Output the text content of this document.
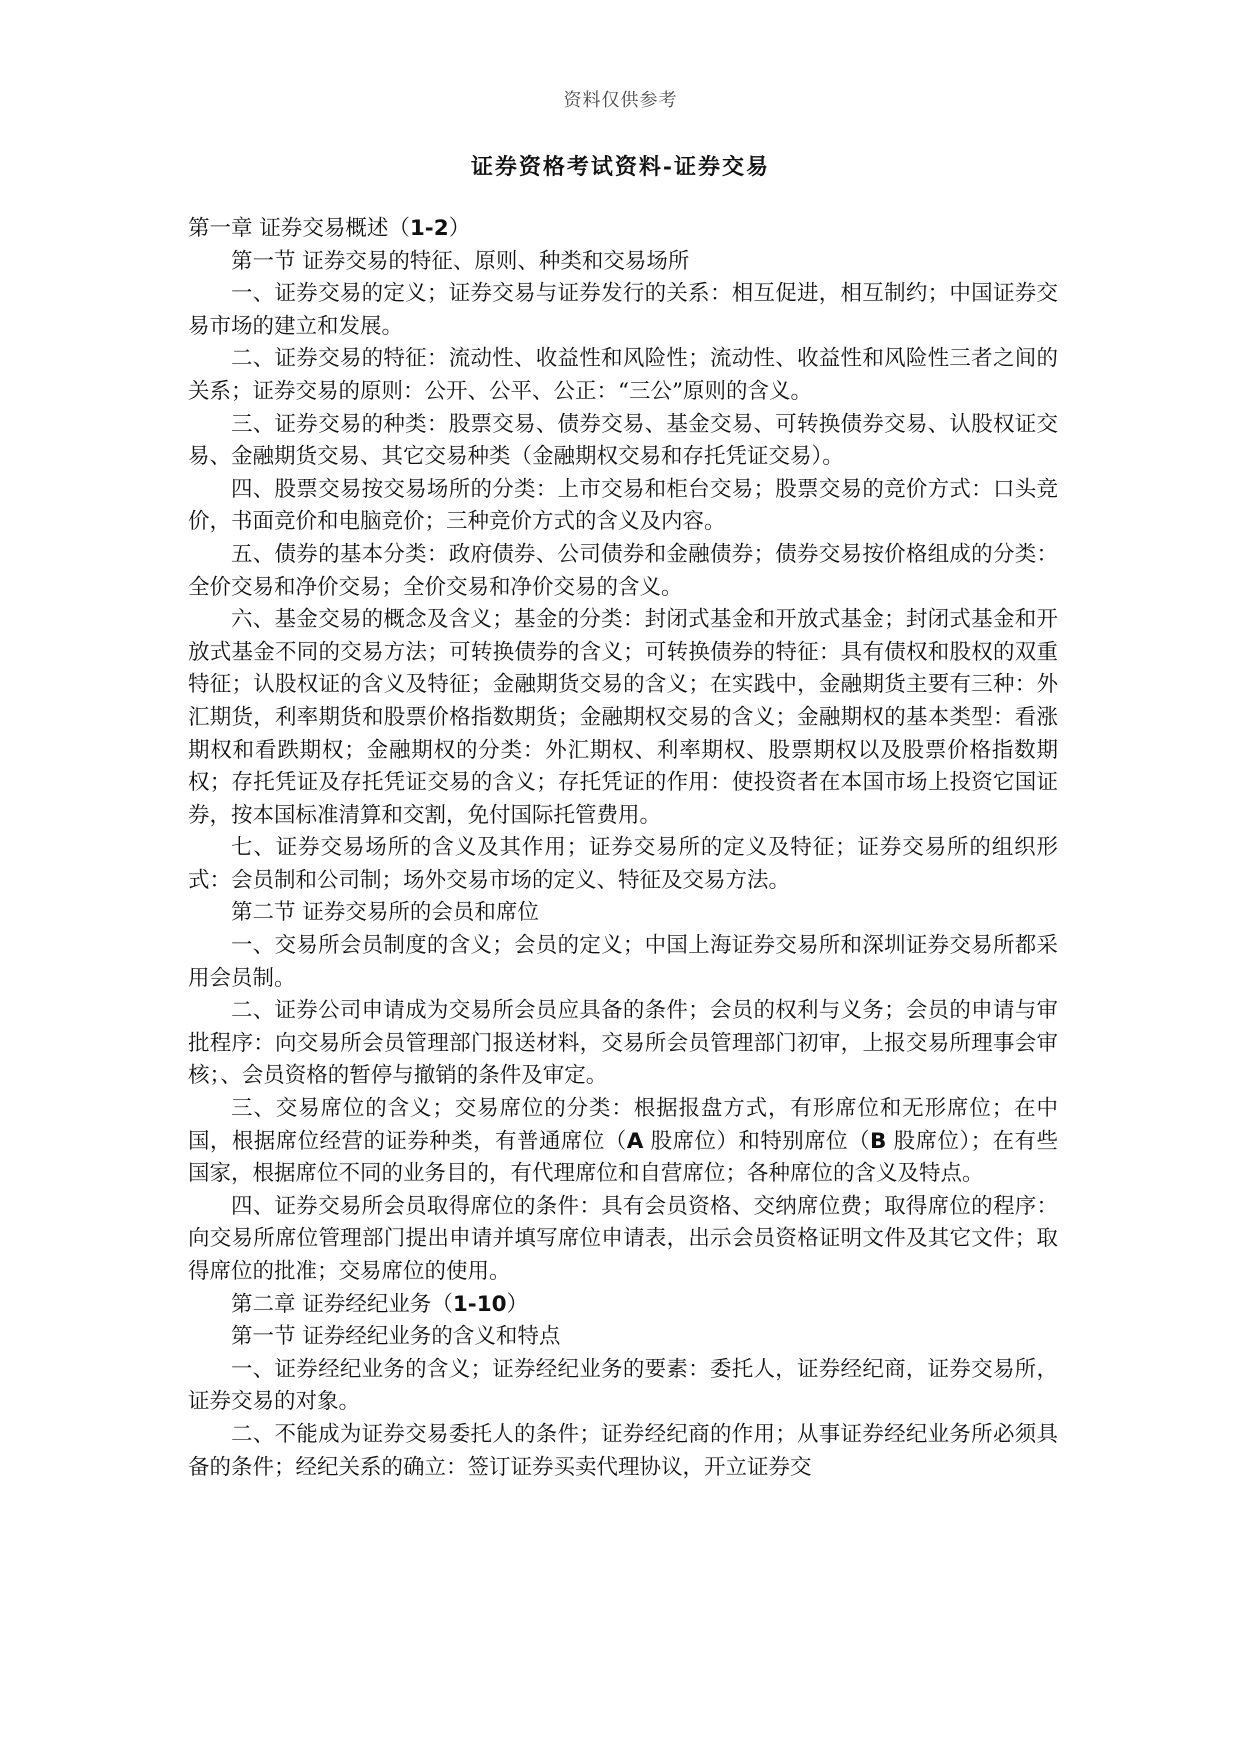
资料仅供参考
证券资格考试资料-证券交易

第一章 证券交易概述（1-2）

第一节 证券交易的特征、原则、种类和交易场所

一、证券交易的定义；证券交易与证券发行的关系：相互促进，相互制约；中国证券交易市场的建立和发展。

二、证券交易的特征：流动性、收益性和风险性；流动性、收益性和风险性三者之间的关系；证券交易的原则：公开、公平、公正：“三公”原则的含义。

三、证券交易的种类：股票交易、债券交易、基金交易、可转换债券交易、认股权证交易、金融期货交易、其它交易种类（金融期权交易和存托凭证交易）。

四、股票交易按交易场所的分类：上市交易和柜台交易；股票交易的竞价方式：口头竞价，书面竞价和电脑竞价；三种竞价方式的含义及内容。

五、债券的基本分类：政府债券、公司债券和金融债券；债券交易按价格组成的分类：全价交易和净价交易；全价交易和净价交易的含义。

六、基金交易的概念及含义；基金的分类：封闭式基金和开放式基金；封闭式基金和开放式基金不同的交易方法；可转换债券的含义；可转换债券的特征：具有债权和股权的双重特征；认股权证的含义及特征；金融期货交易的含义；在实践中，金融期货主要有三种：外汇期货，利率期货和股票价格指数期货；金融期权交易的含义；金融期权的基本类型：看涨期权和看跌期权；金融期权的分类：外汇期权、利率期权、股票期权以及股票价格指数期权；存托凭证及存托凭证交易的含义；存托凭证的作用：使投资者在本国市场上投资它国证券，按本国标准清算和交割，免付国际托管费用。

七、证券交易场所的含义及其作用；证券交易所的定义及特征；证券交易所的组织形式：会员制和公司制；场外交易市场的定义、特征及交易方法。

第二节 证券交易所的会员和席位

一、交易所会员制度的含义；会员的定义；中国上海证券交易所和深圳证券交易所都采用会员制。

二、证券公司申请成为交易所会员应具备的条件；会员的权利与义务；会员的申请与审批程序：向交易所会员管理部门报送材料，交易所会员管理部门初审，上报交易所理事会审核；、会员资格的暂停与撤销的条件及审定。

三、交易席位的含义；交易席位的分类：根据报盘方式，有形席位和无形席位；在中国，根据席位经营的证券种类，有普通席位（A 股席位）和特别席位（B 股席位）；在有些国家，根据席位不同的业务目的，有代理席位和自营席位；各种席位的含义及特点。

四、证券交易所会员取得席位的条件：具有会员资格、交纳席位费；取得席位的程序：向交易所席位管理部门提出申请并填写席位申请表，出示会员资格证明文件及其它文件；取得席位的批准；交易席位的使用。

第二章 证券经纪业务（1-10）

第一节 证券经纪业务的含义和特点

一、证券经纪业务的含义；证券经纪业务的要素：委托人，证券经纪商，证券交易所，证券交易的对象。

二、不能成为证券交易委托人的条件；证券经纪商的作用；从事证券经纪业务所必须具备的条件；经纪关系的确立：签订证券买卖代理协议，开立证券交
